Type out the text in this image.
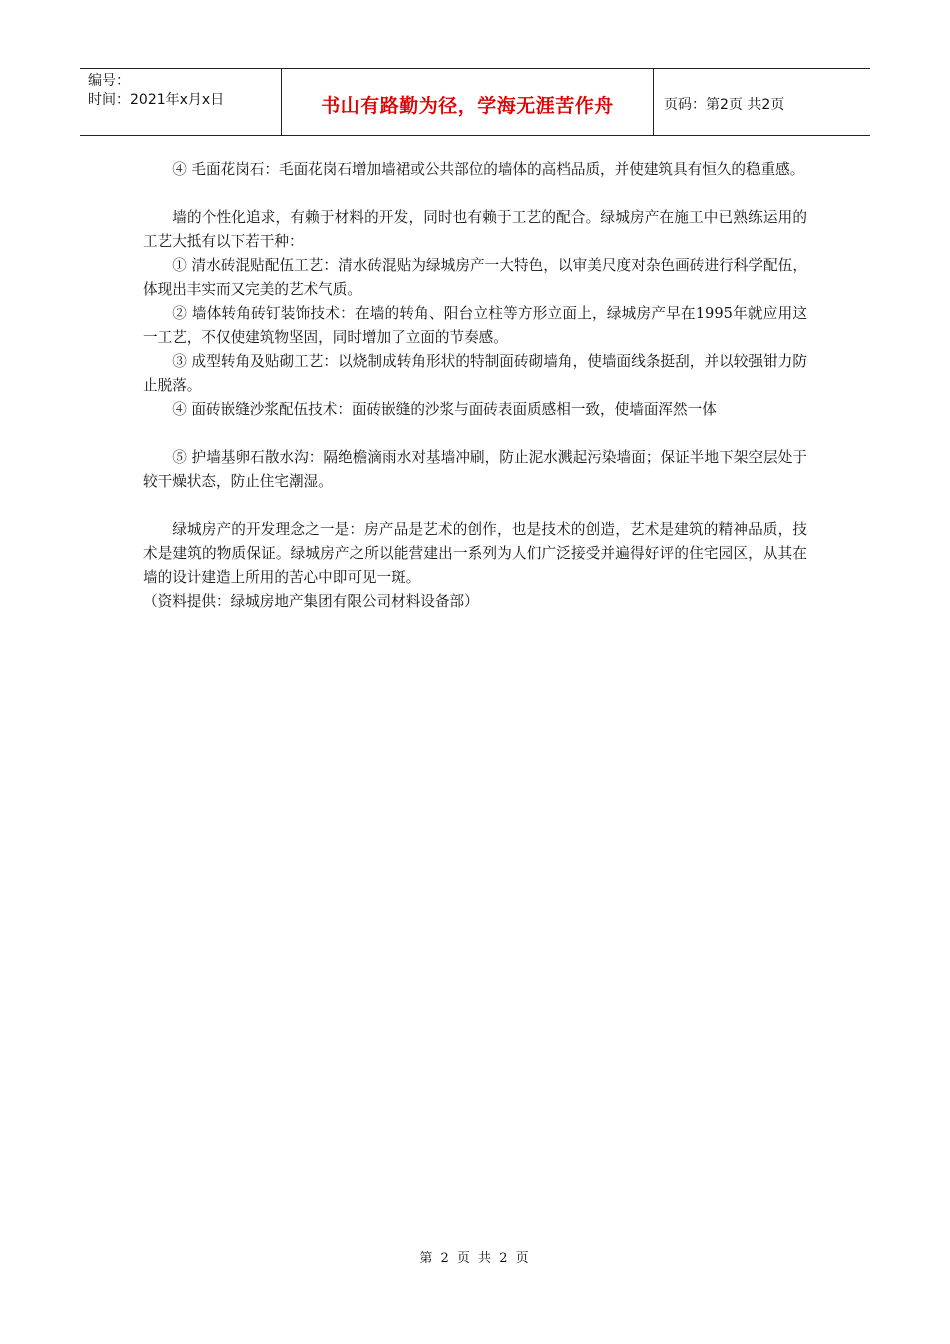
编号：
时间：2021年x月x日	书山有路勤为径，学海无涯苦作舟	页码：第2页 共2页

④ 毛面花岗石：毛面花岗石增加墙裙或公共部位的墙体的高档品质，并使建筑具有恒久的稳重感。

墙的个性化追求，有赖于材料的开发，同时也有赖于工艺的配合。绿城房产在施工中已熟练运用的工艺大抵有以下若干种：

① 清水砖混贴配伍工艺：清水砖混贴为绿城房产一大特色，以审美尺度对杂色画砖进行科学配伍，体现出丰实而又完美的艺术气质。

② 墙体转角砖钉装饰技术：在墙的转角、阳台立柱等方形立面上，绿城房产早在1995年就应用这一工艺，不仅使建筑物坚固，同时增加了立面的节奏感。

③ 成型转角及贴砌工艺：以烧制成转角形状的特制面砖砌墙角，使墙面线条挺刮，并以较强钳力防止脱落。

④ 面砖嵌缝沙浆配伍技术：面砖嵌缝的沙浆与面砖表面质感相一致，使墙面浑然一体

⑤ 护墙基卵石散水沟：隔绝檐滴雨水对基墙冲刷，防止泥水溅起污染墙面；保证半地下架空层处于较干燥状态，防止住宅潮湿。

绿城房产的开发理念之一是：房产品是艺术的创作，也是技术的创造，艺术是建筑的精神品质，技术是建筑的物质保证。绿城房产之所以能营建出一系列为人们广泛接受并遍得好评的住宅园区，从其在墙的设计建造上所用的苦心中即可见一斑。

（资料提供：绿城房地产集团有限公司材料设备部）

第 2 页 共 2 页
